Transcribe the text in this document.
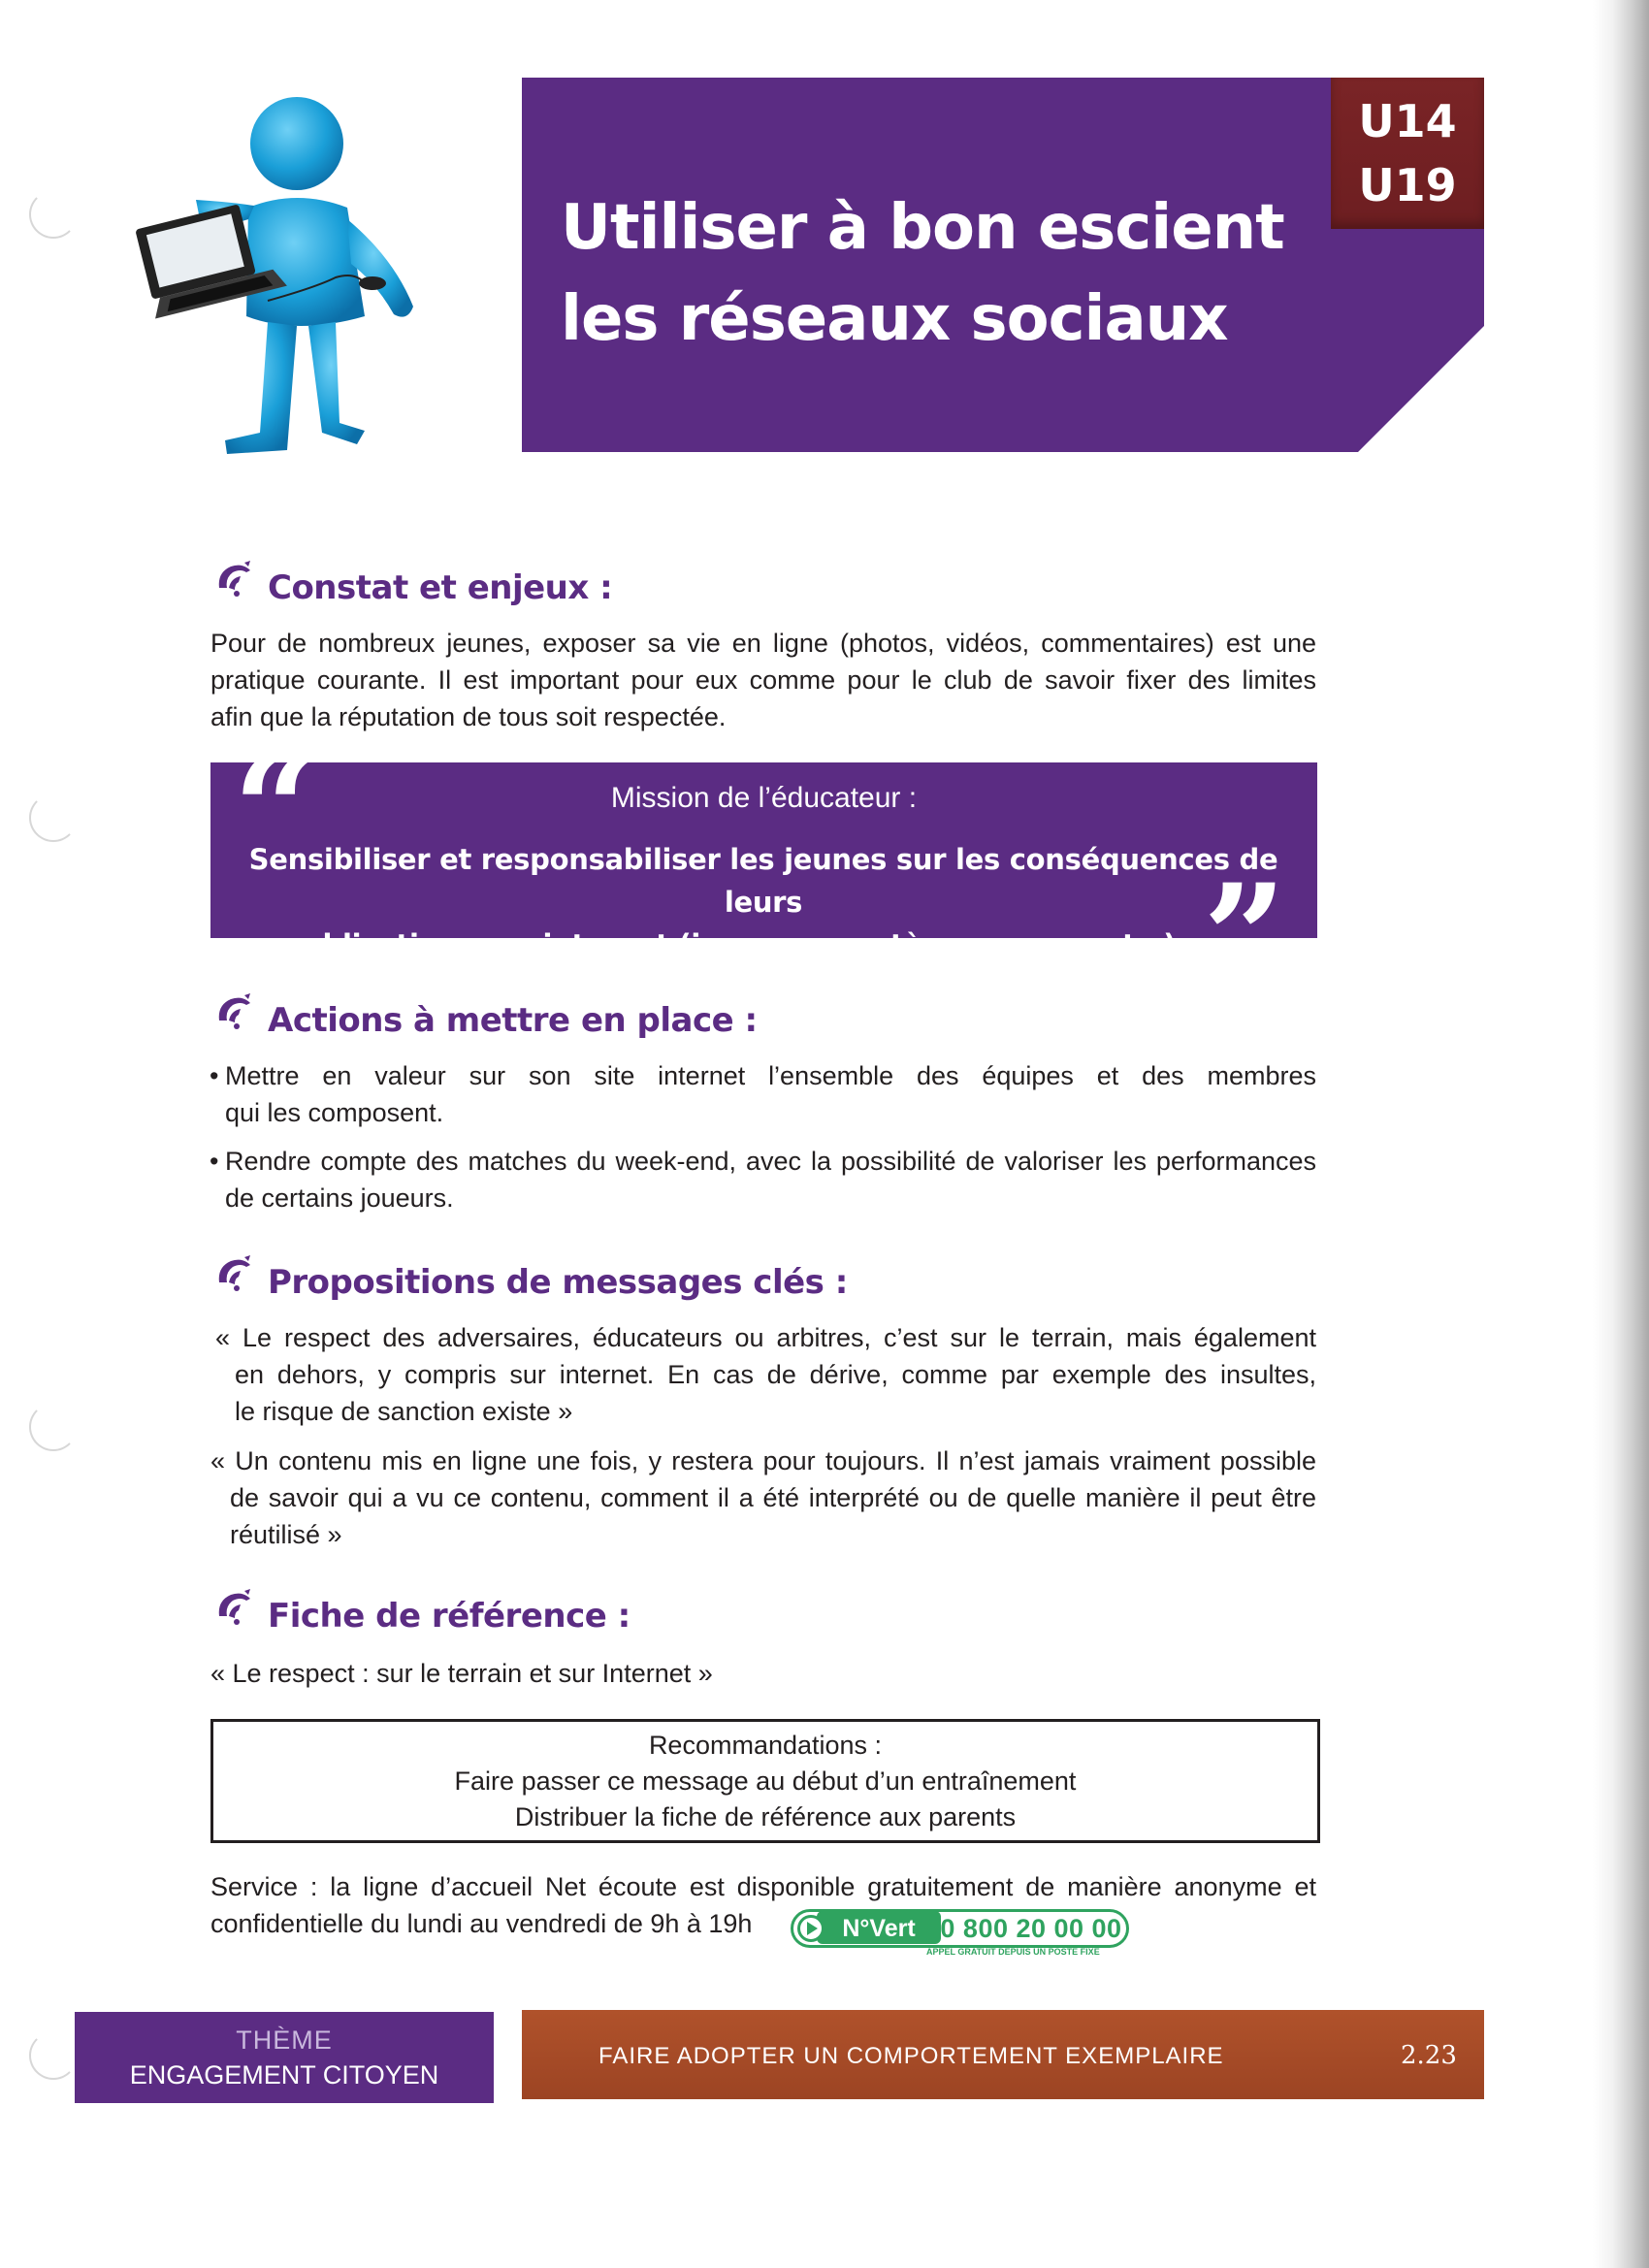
Utiliser à bon escient
les réseaux sociaux
U14
U19
Constat et enjeux :
Pour de nombreux jeunes, exposer sa vie en ligne (photos, vidéos, commentaires) est une
pratique courante. Il est important pour eux comme pour le club de savoir fixer des limites
afin que la réputation de tous soit respectée.
“	Mission de l’éducateur :
Sensibiliser et responsabiliser les jeunes sur les conséquences de leurs
publications sur internet (image, caractère permanent…) ”
Actions à mettre en place :
• Mettre en valeur sur son site internet l’ensemble des équipes et des membres
qui les composent.
• Rendre compte des matches du week-end, avec la possibilité de valoriser les performances
de certains joueurs.
Propositions de messages clés :
« Le respect des adversaires, éducateurs ou arbitres, c’est sur le terrain, mais également
en dehors, y compris sur internet. En cas de dérive, comme par exemple des insultes,
le risque de sanction existe »
« Un contenu mis en ligne une fois, y restera pour toujours. Il n’est jamais vraiment possible
de savoir qui a vu ce contenu, comment il a été interprété ou de quelle manière il peut être
réutilisé »
Fiche de référence :
« Le respect : sur le terrain et sur Internet »
Recommandations :
Faire passer ce message au début d’un entraînement
Distribuer la fiche de référence aux parents
Service : la ligne d’accueil Net écoute est disponible gratuitement de manière anonyme et
confidentielle du lundi au vendredi de 9h à 19h	N°Vert 0 800 20 00 00
APPEL GRATUIT DEPUIS UN POSTE FIXE
THÈME
ENGAGEMENT CITOYEN
FAIRE ADOPTER UN COMPORTEMENT EXEMPLAIRE	2.23
